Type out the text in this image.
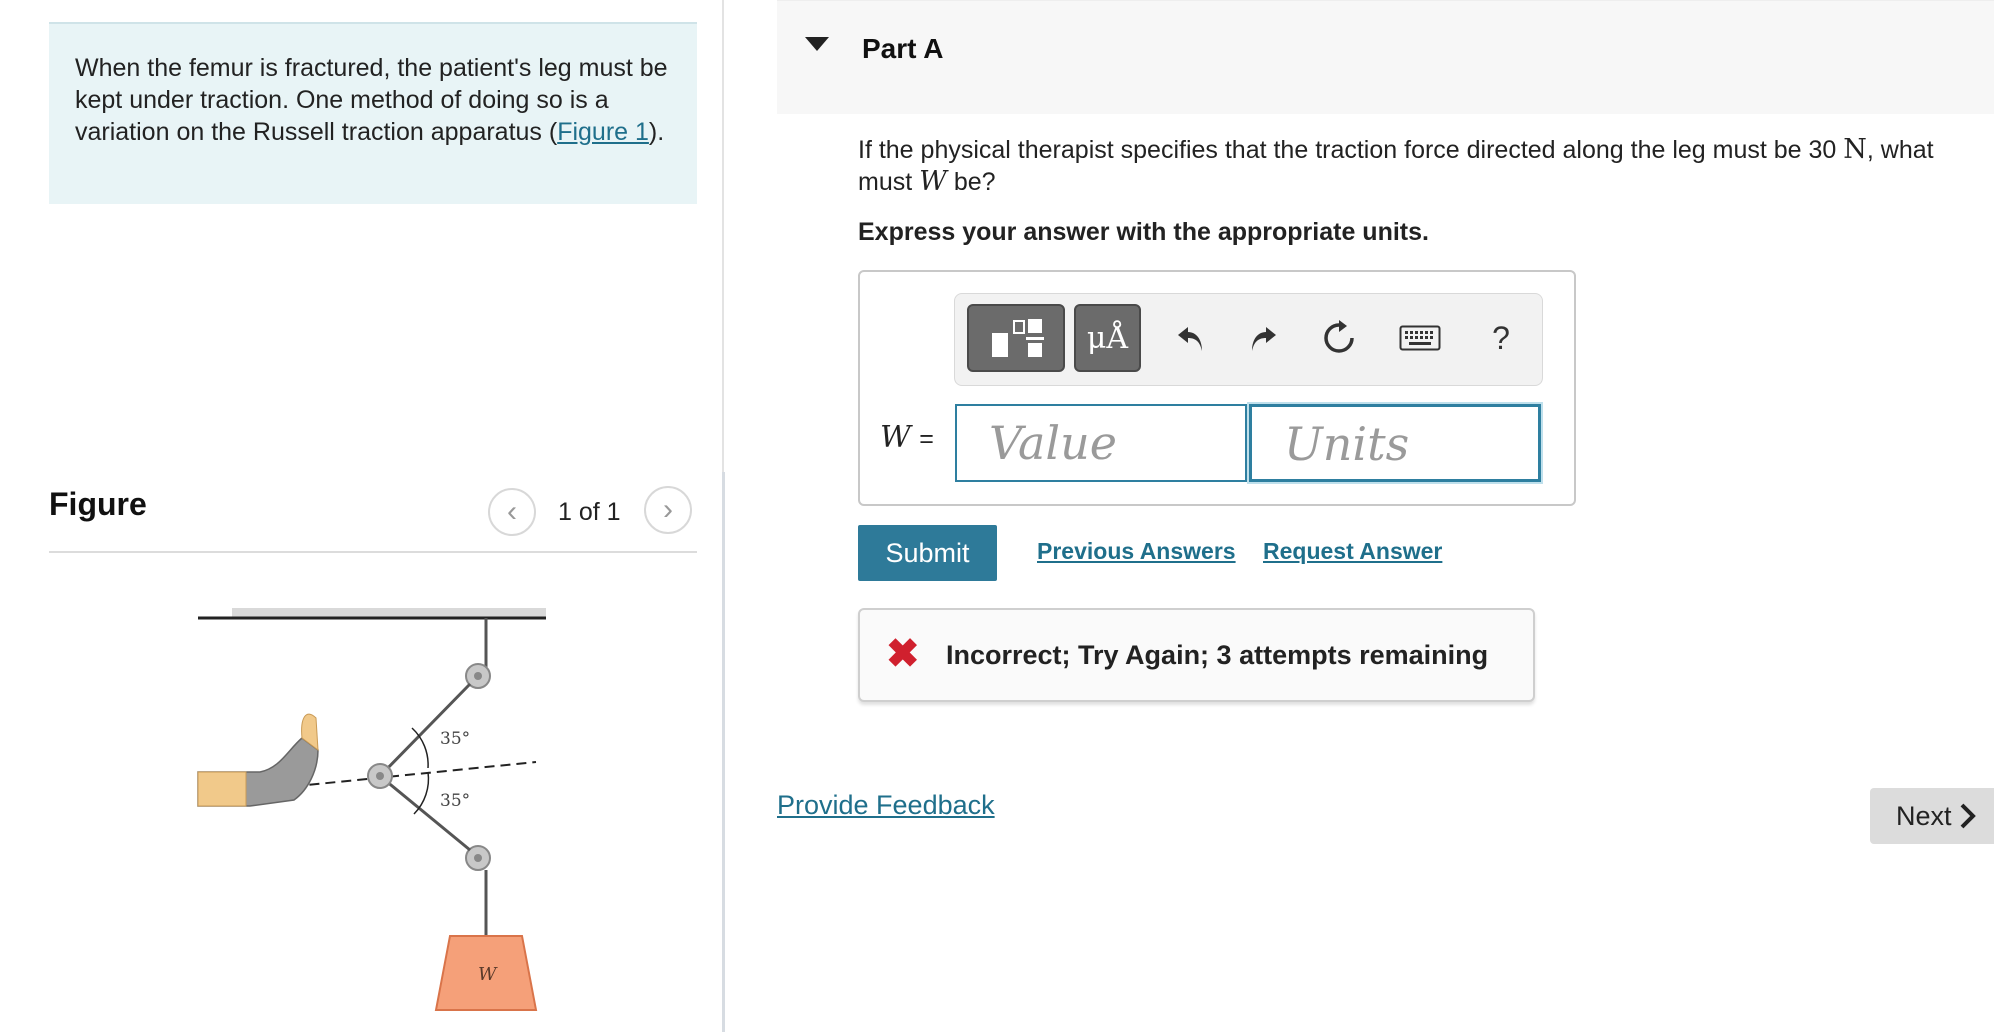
When the femur is fractured, the patient's leg must be kept under traction. One method of doing so is a variation on the Russell traction apparatus (Figure 1).
Figure	‹ 1 of 1 ›
35°
35°
W
Part A
If the physical therapist specifies that the traction force directed along the leg must be 30 N, what must W be?
Express your answer with the appropriate units.
μÅ	?
W =	Value	Units
Submit	Previous Answers Request Answer
✖ Incorrect; Try Again; 3 attempts remaining
Provide Feedback	Next
